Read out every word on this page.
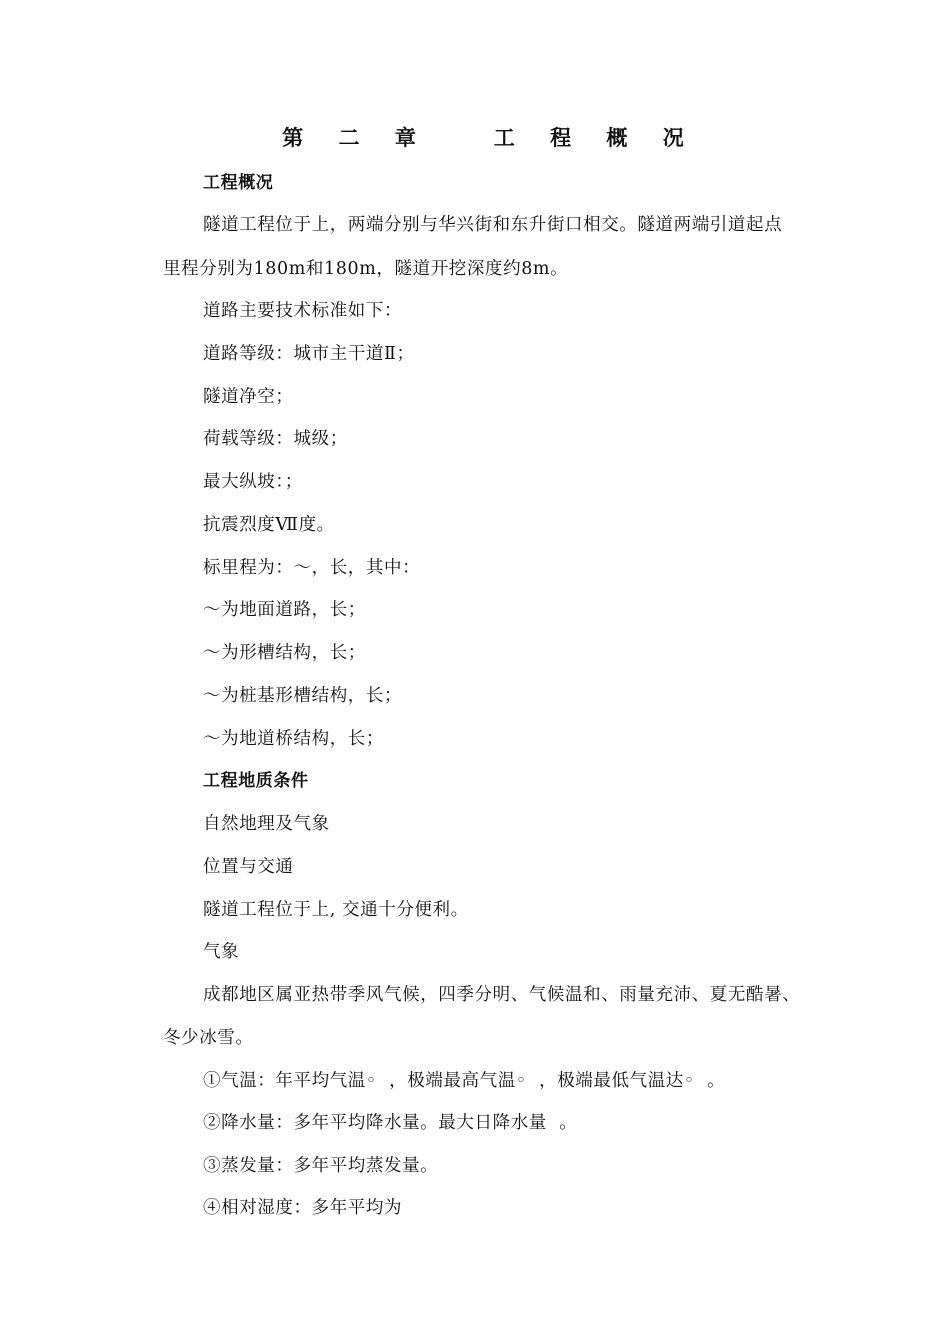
第 二 章   工 程 概 况
工程概况
隧道工程位于上，两端分别与华兴街和东升街口相交。隧道两端引道起点
里程分别为180m和180m，隧道开挖深度约8m。
道路主要技术标准如下：
道路等级：城市主干道Ⅱ；
隧道净空；
荷载等级：城级；
最大纵坡：；
抗震烈度Ⅶ度。
标里程为：～，长，其中：
～为地面道路，长；
～为形槽结构，长；
～为桩基形槽结构，长；
～为地道桥结构，长；
工程地质条件
自然地理及气象
位置与交通
隧道工程位于上, 交通十分便利。
气象
成都地区属亚热带季风气候，四季分明、气候温和、雨量充沛、夏无酷暑、
冬少冰雪。
①气温：年平均气温◦  ，极端最高气温◦  ，极端最低气温达◦  。
②降水量：多年平均降水量。最大日降水量  。
③蒸发量：多年平均蒸发量。
④相对湿度：多年平均为
